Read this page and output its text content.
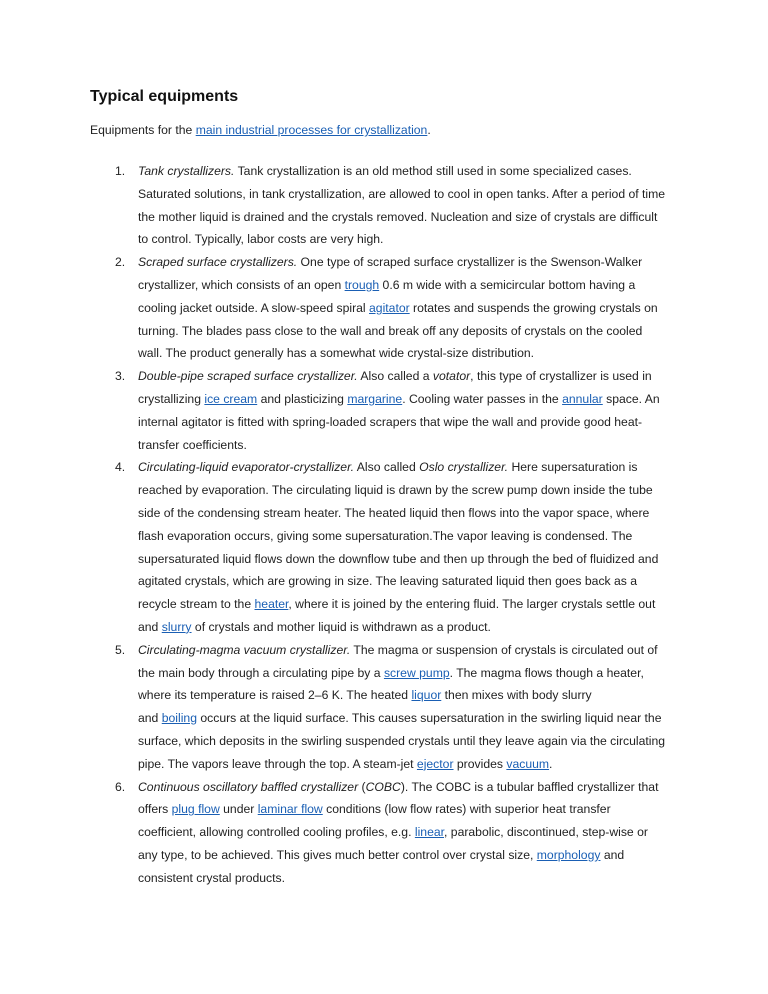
Typical equipments

Equipments for the main industrial processes for crystallization.

1. Tank crystallizers. Tank crystallization is an old method still used in some specialized cases. Saturated solutions, in tank crystallization, are allowed to cool in open tanks. After a period of time the mother liquid is drained and the crystals removed. Nucleation and size of crystals are difficult to control. Typically, labor costs are very high.
2. Scraped surface crystallizers. One type of scraped surface crystallizer is the Swenson-Walker crystallizer, which consists of an open trough 0.6 m wide with a semicircular bottom having a cooling jacket outside. A slow-speed spiral agitator rotates and suspends the growing crystals on turning. The blades pass close to the wall and break off any deposits of crystals on the cooled wall. The product generally has a somewhat wide crystal-size distribution.
3. Double-pipe scraped surface crystallizer. Also called a votator, this type of crystallizer is used in crystallizing ice cream and plasticizing margarine. Cooling water passes in the annular space. An internal agitator is fitted with spring-loaded scrapers that wipe the wall and provide good heat-transfer coefficients.
4. Circulating-liquid evaporator-crystallizer. Also called Oslo crystallizer. Here supersaturation is reached by evaporation. The circulating liquid is drawn by the screw pump down inside the tube side of the condensing stream heater. The heated liquid then flows into the vapor space, where flash evaporation occurs, giving some supersaturation.The vapor leaving is condensed. The supersaturated liquid flows down the downflow tube and then up through the bed of fluidized and agitated crystals, which are growing in size. The leaving saturated liquid then goes back as a recycle stream to the heater, where it is joined by the entering fluid. The larger crystals settle out and slurry of crystals and mother liquid is withdrawn as a product.
5. Circulating-magma vacuum crystallizer. The magma or suspension of crystals is circulated out of the main body through a circulating pipe by a screw pump. The magma flows though a heater, where its temperature is raised 2–6 K. The heated liquor then mixes with body slurry
and boiling occurs at the liquid surface. This causes supersaturation in the swirling liquid near the surface, which deposits in the swirling suspended crystals until they leave again via the circulating pipe. The vapors leave through the top. A steam-jet ejector provides vacuum.
6. Continuous oscillatory baffled crystallizer (COBC). The COBC is a tubular baffled crystallizer that offers plug flow under laminar flow conditions (low flow rates) with superior heat transfer coefficient, allowing controlled cooling profiles, e.g. linear, parabolic, discontinued, step-wise or any type, to be achieved. This gives much better control over crystal size, morphology and consistent crystal products.
